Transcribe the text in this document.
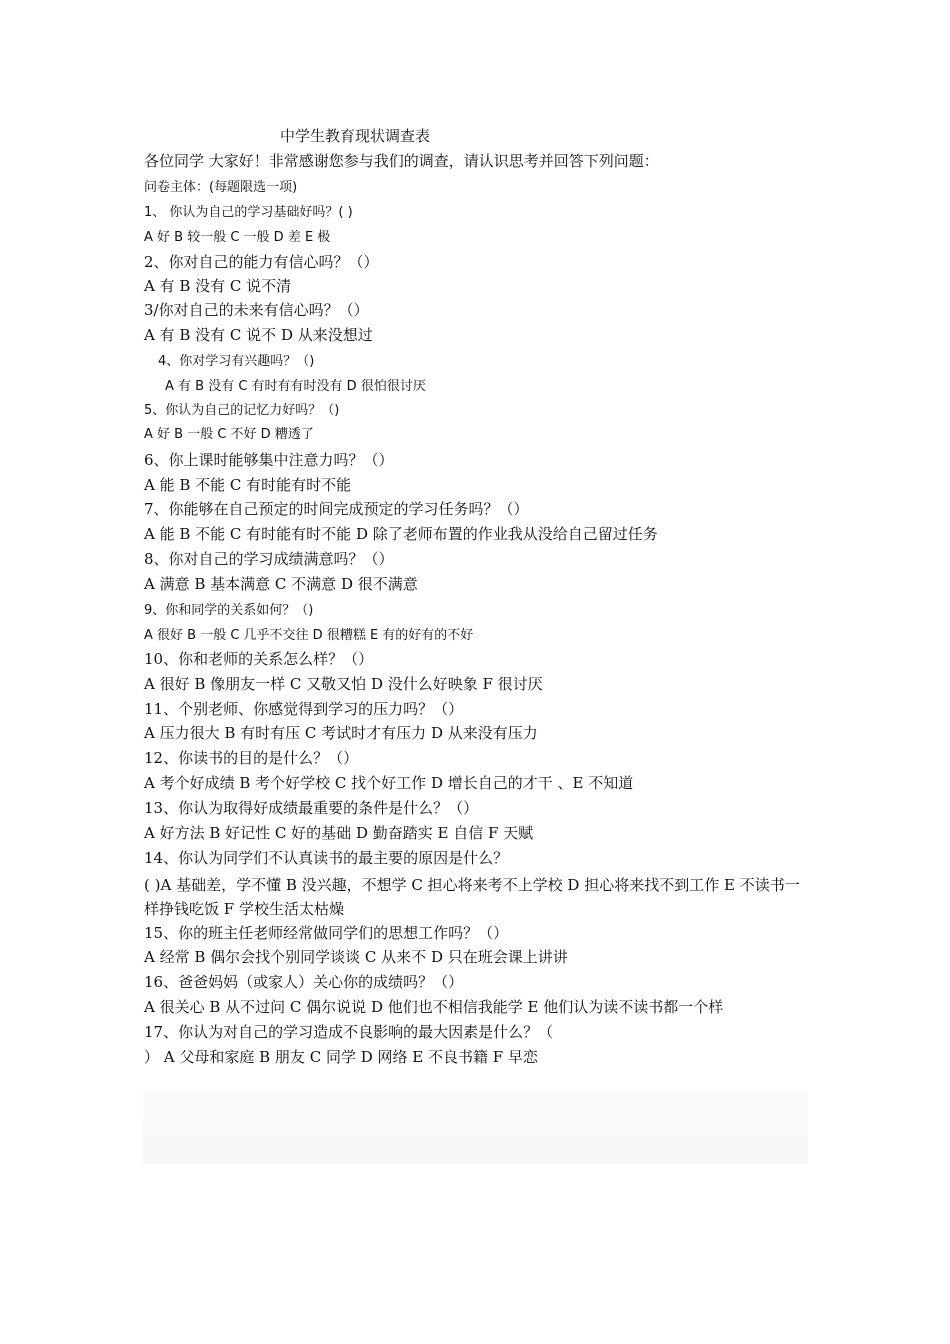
中学生教育现状调查表
各位同学 大家好！非常感谢您参与我们的调查，请认识思考并回答下列问题：
问卷主体：(每题限选一项)
1、 你认为自己的学习基础好吗？( )
A 好 B 较一般 C 一般 D 差 E 极
2、你对自己的能力有信心吗？（）
A 有 B 没有 C 说不清
3/你对自己的未来有信心吗？（）
A 有 B 没有 C 说不 D 从来没想过
4、你对学习有兴趣吗？（)
A 有 B 没有 C 有时有有时没有 D 很怕很讨厌
5、你认为自己的记忆力好吗？（)
A 好 B 一般 C 不好 D 糟透了
6、你上课时能够集中注意力吗？（）
A 能 B 不能 C 有时能有时不能
7、你能够在自己预定的时间完成预定的学习任务吗？（）
A 能 B 不能 C 有时能有时不能 D 除了老师布置的作业我从没给自己留过任务
8、你对自己的学习成绩满意吗？（）
A 满意 B 基本满意 C 不满意 D 很不满意
9、你和同学的关系如何？（)
A 很好 B 一般 C 几乎不交往 D 很糟糕 E 有的好有的不好
10、你和老师的关系怎么样？（）
A 很好 B 像朋友一样 C 又敬又怕 D 没什么好映象 F 很讨厌
11、个别老师、你感觉得到学习的压力吗？（）
A 压力很大 B 有时有压 C 考试时才有压力 D 从来没有压力
12、你读书的目的是什么？（）
A 考个好成绩 B 考个好学校 C 找个好工作 D 增长自己的才干 、E 不知道
13、你认为取得好成绩最重要的条件是什么？（）
A 好方法 B 好记性 C 好的基础 D 勤奋踏实 E 自信 F 天赋
14、你认为同学们不认真读书的最主要的原因是什么？
( )A 基础差，学不懂 B 没兴趣，不想学 C 担心将来考不上学校 D 担心将来找不到工作 E 不读书一样挣钱吃饭 F 学校生活太枯燥
15、你的班主任老师经常做同学们的思想工作吗？（）
A 经常 B 偶尔会找个别同学谈谈 C 从来不 D 只在班会课上讲讲
16、爸爸妈妈（或家人）关心你的成绩吗？（）
A 很关心 B 从不过问 C 偶尔说说 D 他们也不相信我能学 E 他们认为读不读书都一个样
17、你认为对自己的学习造成不良影响的最大因素是什么？（
） A 父母和家庭 B 朋友 C 同学 D 网络 E 不良书籍 F 早恋
